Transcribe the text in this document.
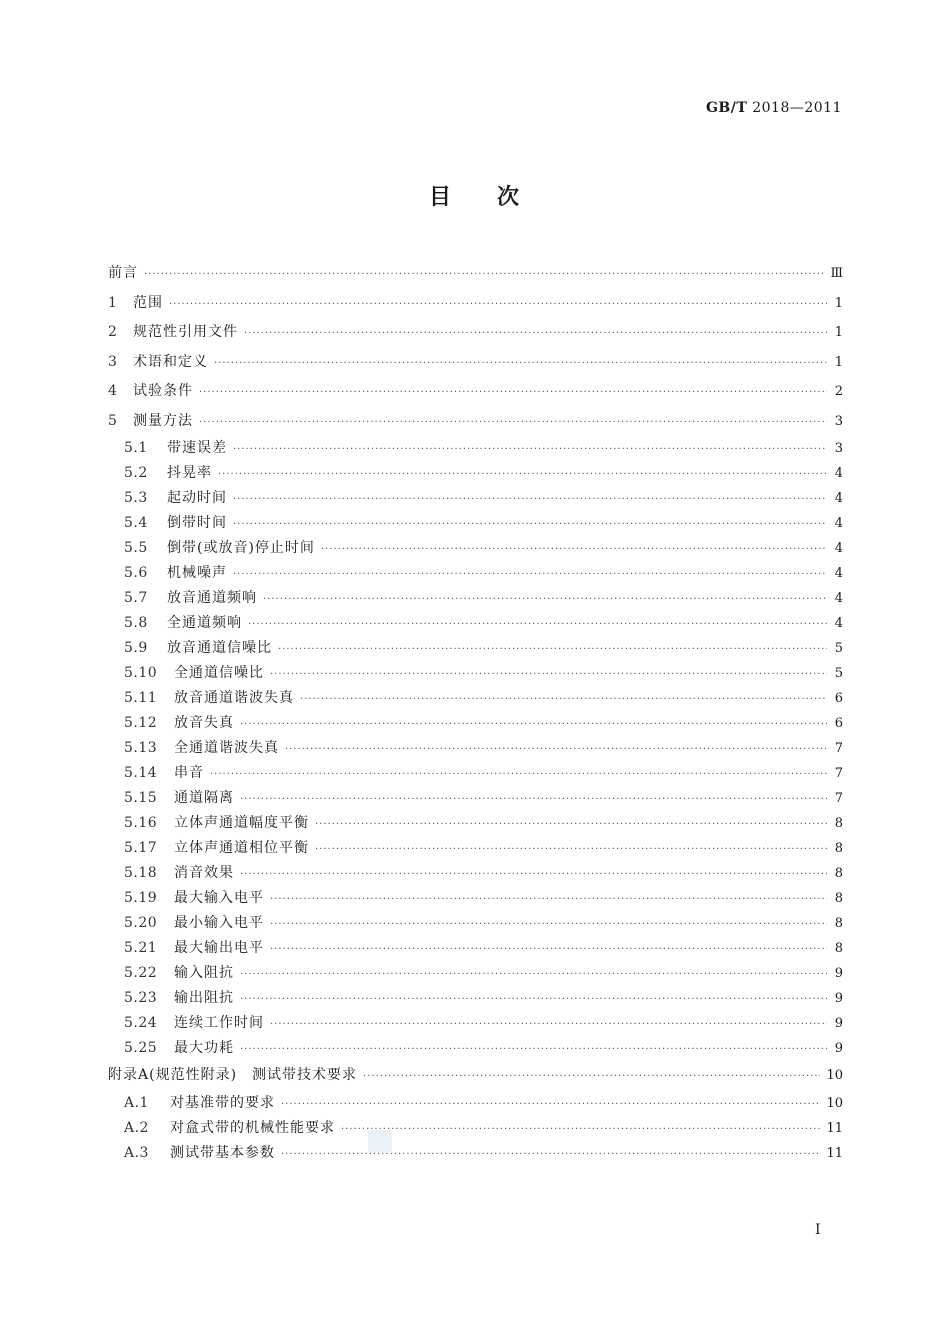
GB/T 2018—2011
目 次
前言 ·····	Ⅲ
1	范围 ·····	1
2	规范性引用文件 ·····	1
3	术语和定义 ·····	1
4	试验条件 ·····	2
5	测量方法 ·····	3
5.1	带速误差 ·····	3
5.2	抖晃率 ·····	4
5.3	起动时间 ·····	4
5.4	倒带时间 ·····	4
5.5	倒带(或放音)停止时间 ·····	4
5.6	机械噪声 ·····	4
5.7	放音通道频响 ·····	4
5.8	全通道频响 ·····	4
5.9	放音通道信噪比 ·····	5
5.10	全通道信噪比 ·····	5
5.11	放音通道谐波失真 ·····	6
5.12	放音失真 ·····	6
5.13	全通道谐波失真 ·····	7
5.14	串音 ·····	7
5.15	通道隔离 ·····	7
5.16	立体声通道幅度平衡 ·····	8
5.17	立体声通道相位平衡 ·····	8
5.18	消音效果 ·····	8
5.19	最大输入电平 ·····	8
5.20	最小输入电平 ·····	8
5.21	最大输出电平 ·····	8
5.22	输入阻抗 ·····	9
5.23	输出阻抗 ·····	9
5.24	连续工作时间 ·····	9
5.25	最大功耗 ·····	9
附录A(规范性附录)　测试带技术要求 ·····	10
A.1	对基准带的要求 ·····	10
A.2	对盒式带的机械性能要求 ·····	11
A.3	测试带基本参数 ·····	11
I
